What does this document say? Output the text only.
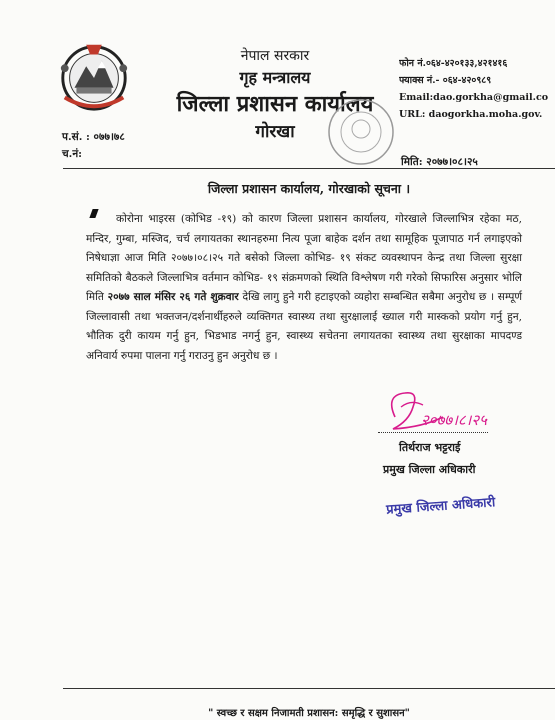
नेपाल सरकार
गृह मन्त्रालय
जिल्ला प्रशासन कार्यालय
गोरखा
फोन नं.०६४-४२०१३३,४२१४१६
फ्याक्स नं.- ०६४-४२०९८९
Email:dao.gorkha@gmail.co
URL: daogorkha.moha.gov.
प.सं. : ०७७।७८
च.नं:
मिति: २०७७।०८।२५
जिल्ला प्रशासन कार्यालय, गोरखाको सूचना ।
कोरोना भाइरस (कोभिड -१९) को कारण जिल्ला प्रशासन कार्यालय, गोरखाले जिल्लाभित्र रहेका मठ, मन्दिर, गुम्बा, मस्जिद, चर्च लगायतका स्थानहरुमा नित्य पूजा बाहेक दर्शन तथा सामूहिक पूजापाठ गर्न लगाइएको निषेधाज्ञा आज मिति २०७७।०८।२५ गते बसेको जिल्ला कोभिड- १९ संकट व्यवस्थापन केन्द्र तथा जिल्ला सुरक्षा समितिको बैठकले जिल्लाभित्र वर्तमान कोभिड- १९ संक्रमणको स्थिति विश्लेषण गरी गरेको सिफारिस अनुसार भोलि मिति २०७७ साल मंसिर २६ गते शुक्रवार देखि लागु हुने गरी हटाइएको व्यहोरा सम्बन्धित सबैमा अनुरोध छ । सम्पूर्ण जिल्लावासी तथा भक्तजन/दर्शनार्थीहरुले व्यक्तिगत स्वास्थ्य तथा सुरक्षालाई ख्याल गरी मास्कको प्रयोग गर्नु हुन, भौतिक दुरी कायम गर्नु हुन, भिडभाड नगर्नु हुन, स्वास्थ्य सचेतना लगायतका स्वास्थ्य तथा सुरक्षाका मापदण्ड अनिवार्य रुपमा पालना गर्नु गराउनु हुन अनुरोध छ ।
२०७७।८।२५
तिर्थराज भट्टराई
प्रमुख जिल्ला अधिकारी
प्रमुख जिल्ला अधिकारी
" स्वच्छ र सक्षम निजामती प्रशासन: समृद्धि र सुशासन"
